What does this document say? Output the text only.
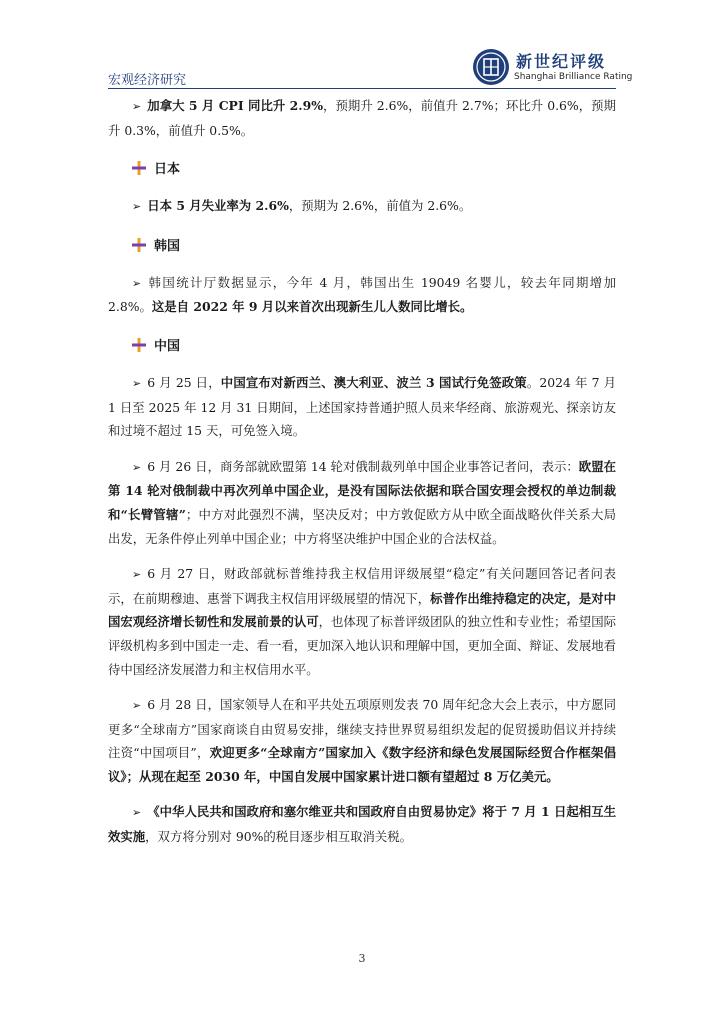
宏观经济研究
新世纪评级
Shanghai Brilliance Rating

➢ 加拿大 5 月 CPI 同比升 2.9%，预期升 2.6%，前值升 2.7%；环比升 0.6%，预期升 0.3%，前值升 0.5%。

日本

➢ 日本 5 月失业率为 2.6%，预期为 2.6%，前值为 2.6%。

韩国

➢ 韩国统计厅数据显示，今年 4 月，韩国出生 19049 名婴儿，较去年同期增加 2.8%。这是自 2022 年 9 月以来首次出现新生儿人数同比增长。

中国

➢ 6 月 25 日，中国宣布对新西兰、澳大利亚、波兰 3 国试行免签政策。2024 年 7 月 1 日至 2025 年 12 月 31 日期间，上述国家持普通护照人员来华经商、旅游观光、探亲访友和过境不超过 15 天，可免签入境。

➢ 6 月 26 日，商务部就欧盟第 14 轮对俄制裁列单中国企业事答记者问，表示：欧盟在第 14 轮对俄制裁中再次列单中国企业，是没有国际法依据和联合国安理会授权的单边制裁和“长臂管辖”；中方对此强烈不满，坚决反对；中方敦促欧方从中欧全面战略伙伴关系大局出发，无条件停止列单中国企业；中方将坚决维护中国企业的合法权益。

➢ 6 月 27 日，财政部就标普维持我主权信用评级展望“稳定”有关问题回答记者问表示，在前期穆迪、惠誉下调我主权信用评级展望的情况下，标普作出维持稳定的决定，是对中国宏观经济增长韧性和发展前景的认可，也体现了标普评级团队的独立性和专业性；希望国际评级机构多到中国走一走、看一看，更加深入地认识和理解中国，更加全面、辩证、发展地看待中国经济发展潜力和主权信用水平。

➢ 6 月 28 日，国家领导人在和平共处五项原则发表 70 周年纪念大会上表示，中方愿同更多“全球南方”国家商谈自由贸易安排，继续支持世界贸易组织发起的促贸援助倡议并持续注资“中国项目”，欢迎更多“全球南方”国家加入《数字经济和绿色发展国际经贸合作框架倡议》；从现在起至 2030 年，中国自发展中国家累计进口额有望超过 8 万亿美元。

➢ 《中华人民共和国政府和塞尔维亚共和国政府自由贸易协定》将于 7 月 1 日起相互生效实施，双方将分别对 90%的税目逐步相互取消关税。

3
